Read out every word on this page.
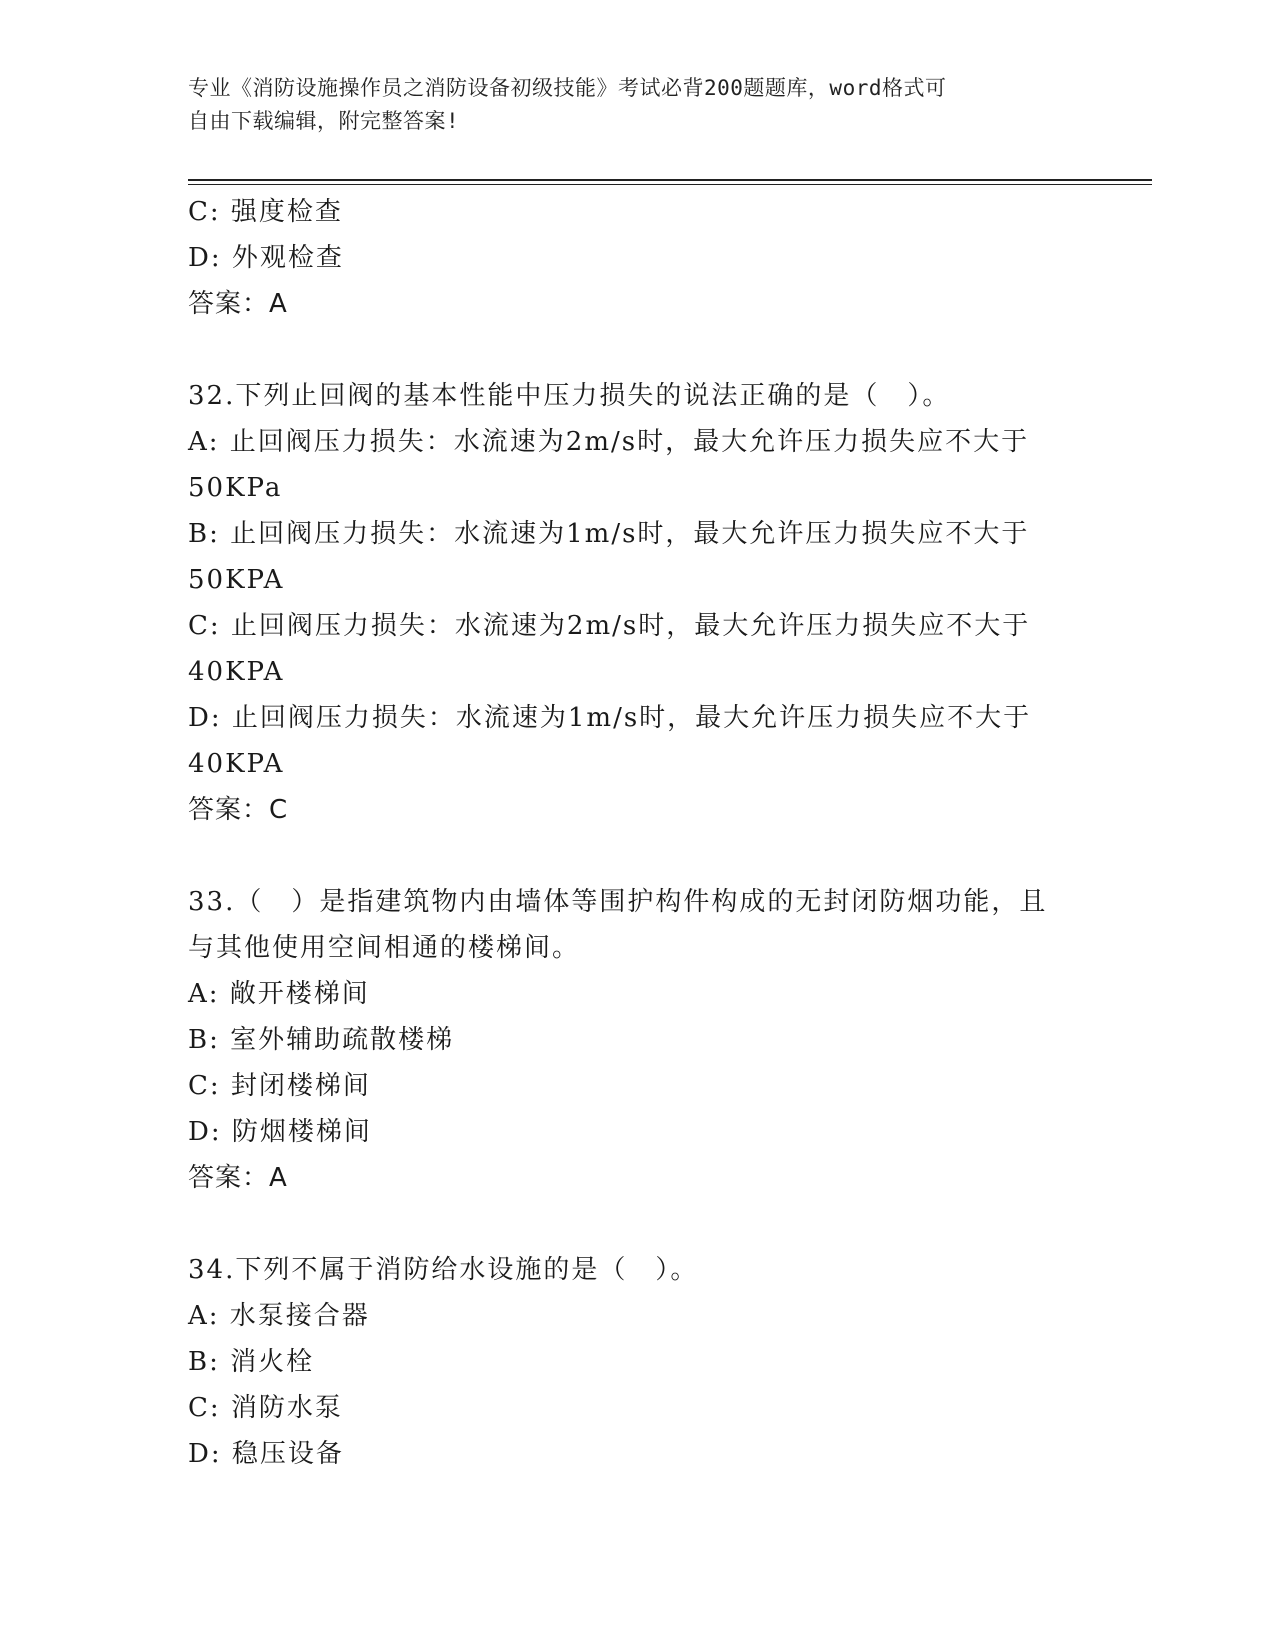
专业《消防设施操作员之消防设备初级技能》考试必背200题题库，word格式可
自由下载编辑，附完整答案!
C: 强度检查
D: 外观检查
答案：A
32.下列止回阀的基本性能中压力损失的说法正确的是（　）。
A: 止回阀压力损失：水流速为2m/s时，最大允许压力损失应不大于
50KPa
B: 止回阀压力损失：水流速为1m/s时，最大允许压力损失应不大于
50KPA
C: 止回阀压力损失：水流速为2m/s时，最大允许压力损失应不大于
40KPA
D: 止回阀压力损失：水流速为1m/s时，最大允许压力损失应不大于
40KPA
答案：C
33.（　）是指建筑物内由墙体等围护构件构成的无封闭防烟功能，且
与其他使用空间相通的楼梯间。
A: 敞开楼梯间
B: 室外辅助疏散楼梯
C: 封闭楼梯间
D: 防烟楼梯间
答案：A
34.下列不属于消防给水设施的是（　）。
A: 水泵接合器
B: 消火栓
C: 消防水泵
D: 稳压设备
